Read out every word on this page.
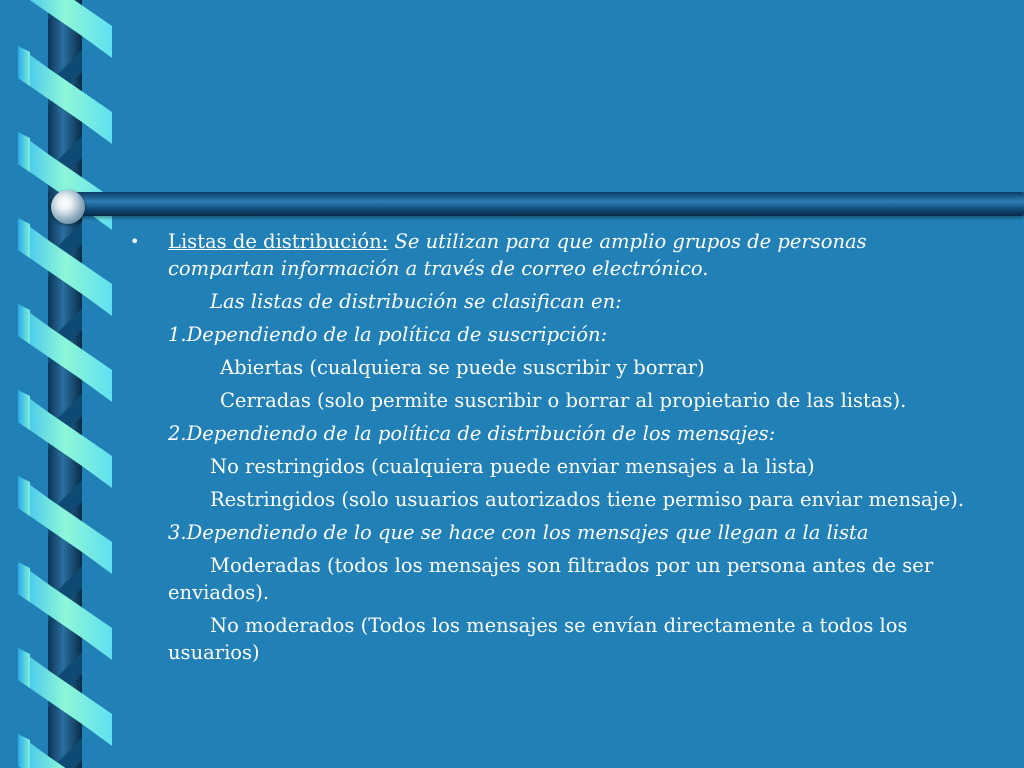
•	Listas de distribución: Se utilizan para que amplio grupos de personas compartan información a través de correo electrónico.

Las listas de distribución se clasifican en:

1.Dependiendo de la política de suscripción:

Abiertas (cualquiera se puede suscribir y borrar)

Cerradas (solo permite suscribir o borrar al propietario de las listas).

2.Dependiendo de la política de distribución de los mensajes:

No restringidos (cualquiera puede enviar mensajes a la lista)

Restringidos (solo usuarios autorizados tiene permiso para enviar mensaje).

3.Dependiendo de lo que se hace con los mensajes que llegan a la lista

Moderadas (todos los mensajes son filtrados por un persona antes de ser enviados).

No moderados (Todos los mensajes se envían directamente a todos los usuarios)
